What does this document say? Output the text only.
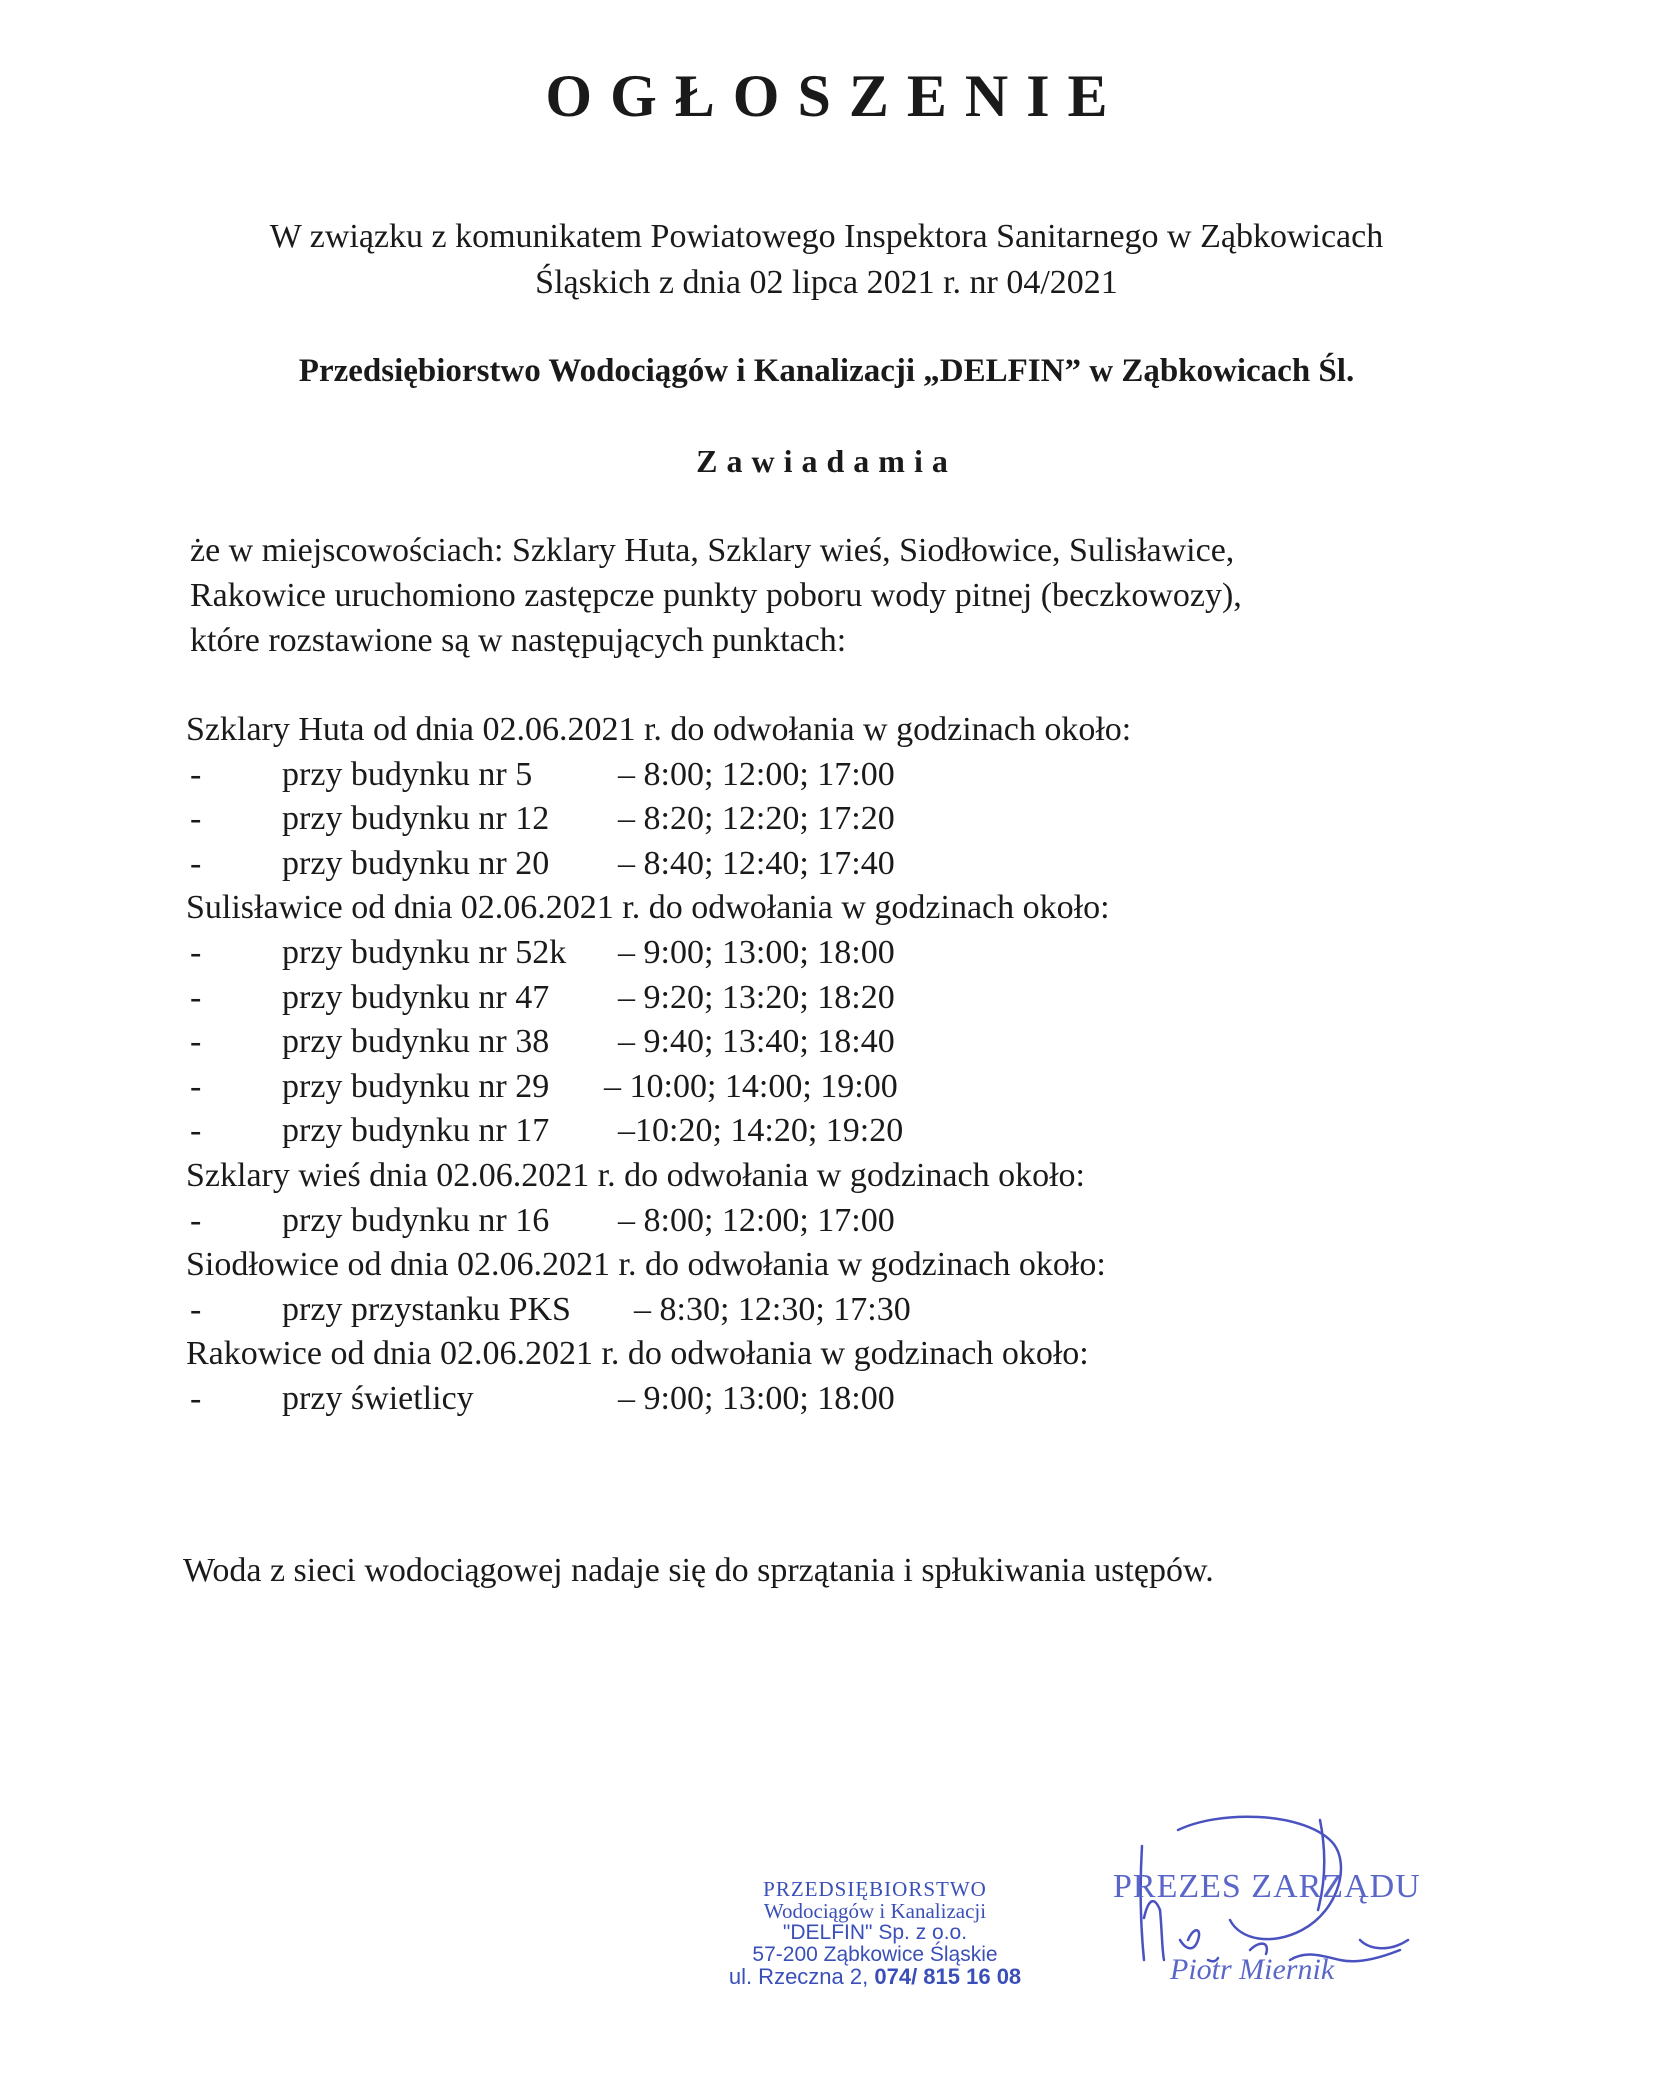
OGŁOSZENIE
W związku z komunikatem Powiatowego Inspektora Sanitarnego w Ząbkowicach
Śląskich z dnia 02 lipca 2021 r. nr 04/2021
Przedsiębiorstwo Wodociągów i Kanalizacji „DELFIN” w Ząbkowicach Śl.
Zawiadamia
że w miejscowościach: Szklary Huta, Szklary wieś, Siodłowice, Sulisławice,
Rakowice uruchomiono zastępcze punkty poboru wody pitnej (beczkowozy),
które rozstawione są w następujących punktach:
Szklary Huta od dnia 02.06.2021 r. do odwołania w godzinach około:
- przy budynku nr 5	– 8:00; 12:00; 17:00
- przy budynku nr 12 – 8:20; 12:20; 17:20
- przy budynku nr 20 – 8:40; 12:40; 17:40
Sulisławice od dnia 02.06.2021 r. do odwołania w godzinach około:
- przy budynku nr 52k – 9:00; 13:00; 18:00
- przy budynku nr 47 – 9:20; 13:20; 18:20
- przy budynku nr 38 – 9:40; 13:40; 18:40
- przy budynku nr 29 – 10:00; 14:00; 19:00
- przy budynku nr 17 –10:20; 14:20; 19:20
Szklary wieś dnia 02.06.2021 r. do odwołania w godzinach około:
- przy budynku nr 16 – 8:00; 12:00; 17:00
Siodłowice od dnia 02.06.2021 r. do odwołania w godzinach około:
- przy przystanku PKS – 8:30; 12:30; 17:30
Rakowice od dnia 02.06.2021 r. do odwołania w godzinach około:
- przy świetlicy	– 9:00; 13:00; 18:00
Woda z sieci wodociągowej nadaje się do sprzątania i spłukiwania ustępów.
PRZEDSIĘBIORSTWO
Wodociągów i Kanalizacji
"DELFIN" Sp. z o.o.
57-200 Ząbkowice Śląskie
ul. Rzeczna 2, 074/ 815 16 08
PREZES ZARZĄDU
Piotr Miernik
